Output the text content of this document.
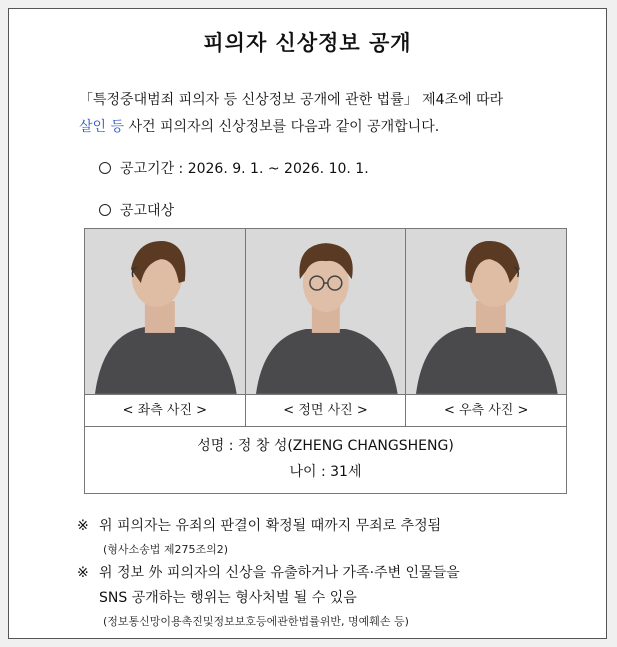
피의자 신상정보 공개
「특정중대범죄 피의자 등 신상정보 공개에 관한 법률」 제4조에 따라
살인 등 사건 피의자의 신상정보를 다음과 같이 공개합니다.
공고기간 : 2026. 9. 1. ~ 2026. 10. 1.
공고대상
< 좌측 사진 >	< 정면 사진 >	< 우측 사진 >
성명 : 정 창 성(ZHENG CHANGSHENG)
나이 : 31세
※ 위 피의자는 유죄의 판결이 확정될 때까지 무죄로 추정됨
(형사소송법 제275조의2)
※ 위 정보 外 피의자의 신상을 유출하거나 가족·주변 인물들을
SNS 공개하는 행위는 형사처벌 될 수 있음
(정보통신망이용촉진및정보보호등에관한법률위반, 명예훼손 등)
